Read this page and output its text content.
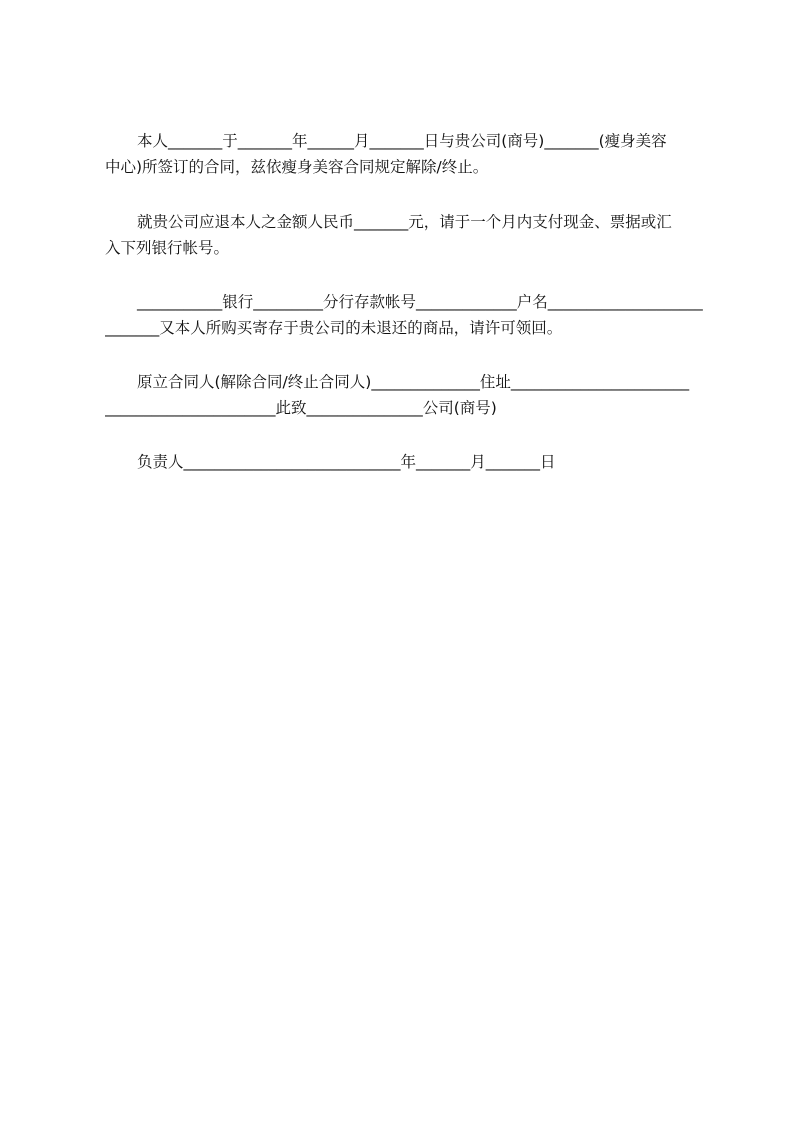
本人_______于_______年______月_______日与贵公司(商号)_______(瘦身美容
中心)所签订的合同，兹依瘦身美容合同规定解除/终止。
就贵公司应退本人之金额人民币_______元，请于一个月内支付现金、票据或汇
入下列银行帐号。
___________银行_________分行存款帐号_____________户名____________________
_______又本人所购买寄存于贵公司的未退还的商品，请许可领回。
原立合同人(解除合同/终止合同人)______________住址_______________________
______________________此致_______________公司(商号)
负责人____________________________年_______月_______日
